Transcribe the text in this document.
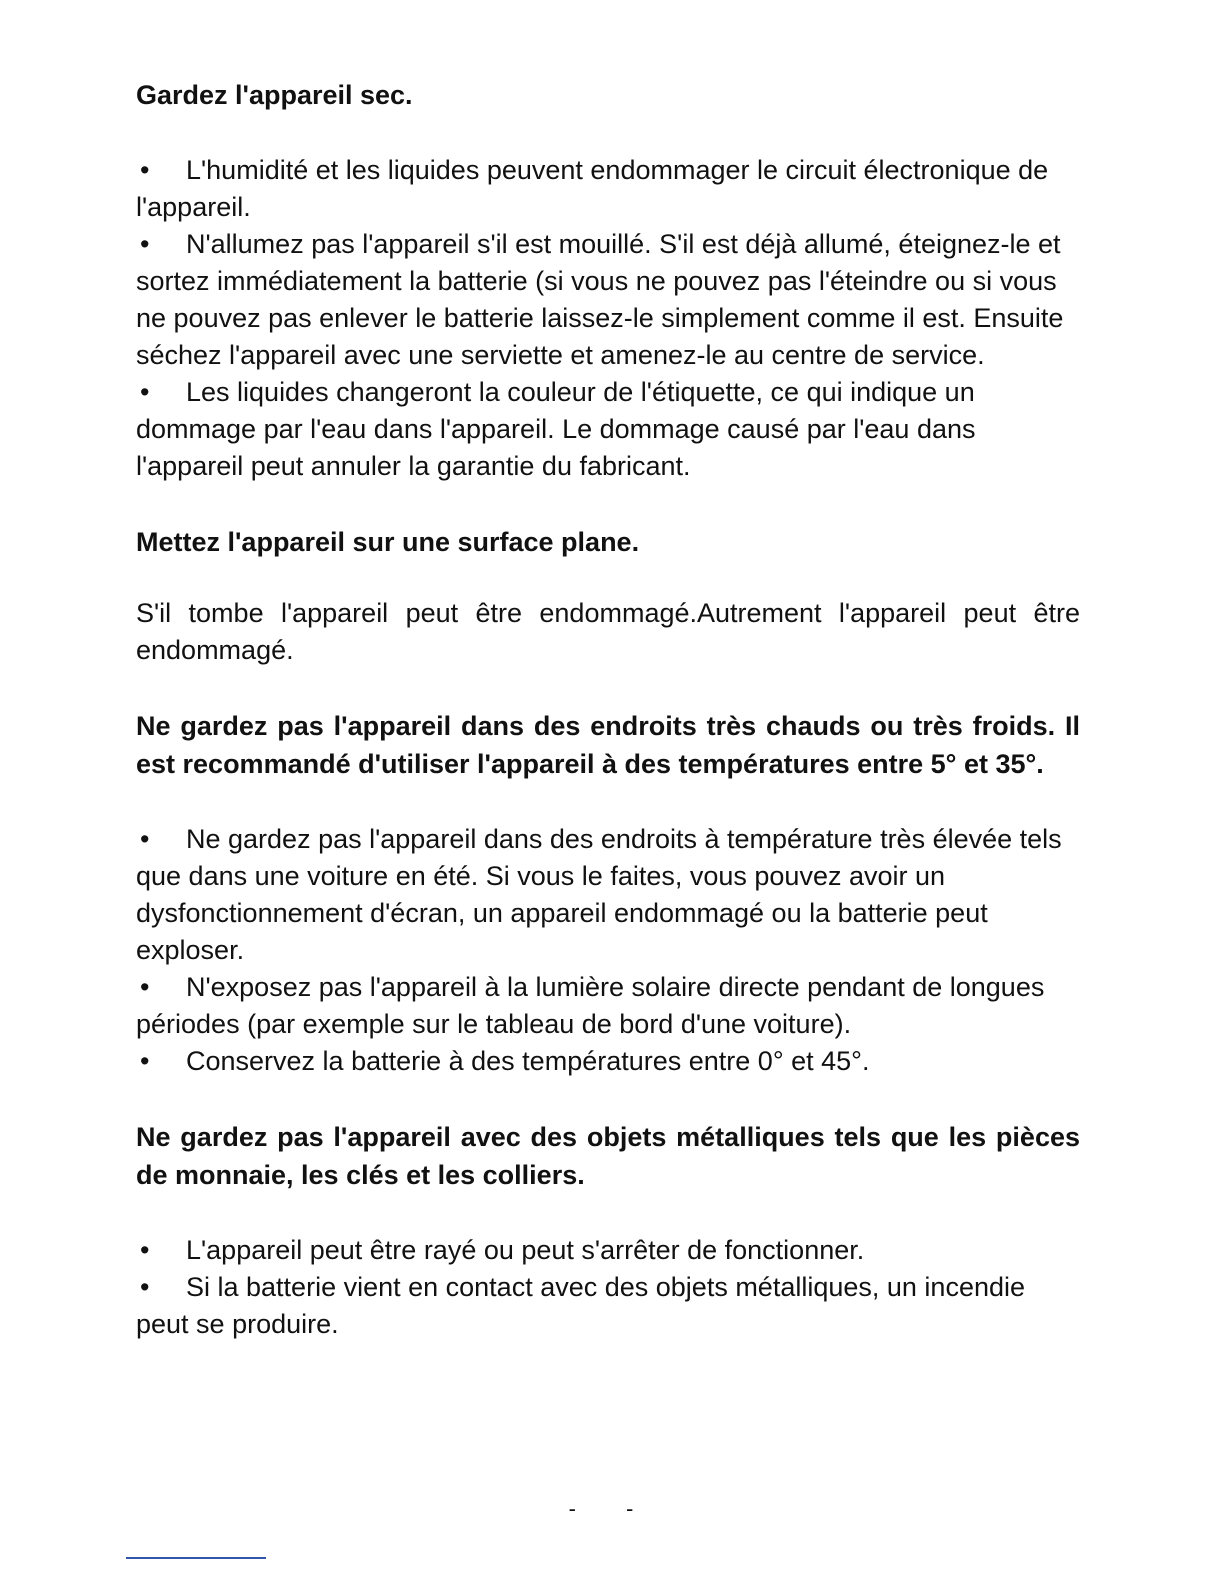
Gardez l'appareil sec.

• L'humidité et les liquides peuvent endommager le circuit électronique de l'appareil.

• N'allumez pas l'appareil s'il est mouillé. S'il est déjà allumé, éteignez-le et sortez immédiatement la batterie (si vous ne pouvez pas l'éteindre ou si vous ne pouvez pas enlever le batterie laissez-le simplement comme il est. Ensuite séchez l'appareil avec une serviette et amenez-le au centre de service.

• Les liquides changeront la couleur de l'étiquette, ce qui indique un dommage par l'eau dans l'appareil. Le dommage causé par l'eau dans l'appareil peut annuler la garantie du fabricant.

Mettez l'appareil sur une surface plane.

S'il tombe l'appareil peut être endommagé.Autrement l'appareil peut être endommagé.

Ne gardez pas l'appareil dans des endroits très chauds ou très froids. Il est recommandé d'utiliser l'appareil à des températures entre 5° et 35°.

• Ne gardez pas l'appareil dans des endroits à température très élevée tels que dans une voiture en été. Si vous le faites, vous pouvez avoir un dysfonctionnement d'écran, un appareil endommagé ou la batterie peut exploser.

• N'exposez pas l'appareil à la lumière solaire directe pendant de longues périodes (par exemple sur le tableau de bord d'une voiture).

• Conservez la batterie à des températures entre 0° et 45°.

Ne gardez pas l'appareil avec des objets métalliques tels que les pièces de monnaie, les clés et les colliers.

• L'appareil peut être rayé ou peut s'arrêter de fonctionner.

• Si la batterie vient en contact avec des objets métalliques, un incendie peut se produire.

- -
